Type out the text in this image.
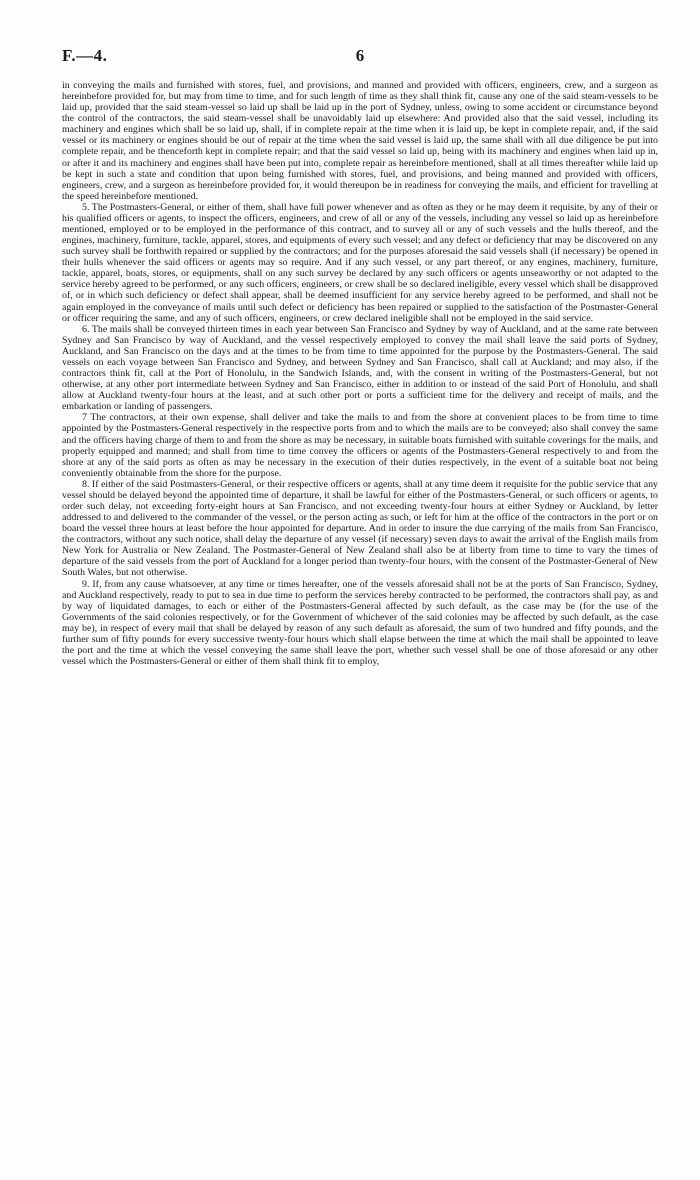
F.—4.	6

in conveying the mails and furnished with stores, fuel, and provisions, and manned and provided with officers, engineers, crew, and a surgeon as hereinbefore provided for, but may from time to time, and for such length of time as they shall think fit, cause any one of the said steam-vessels to be laid up, provided that the said steam-vessel so laid up shall be laid up in the port of Sydney, unless, owing to some accident or circumstance beyond the control of the contractors, the said steam-vessel shall be unavoidably laid up elsewhere: And provided also that the said vessel, including its machinery and engines which shall be so laid up, shall, if in complete repair at the time when it is laid up, be kept in complete repair, and, if the said vessel or its machinery or engines should be out of repair at the time when the said vessel is laid up, the same shall with all due diligence be put into complete repair, and be thenceforth kept in complete repair; and that the said vessel so laid up, being with its machinery and engines when laid up in, or after it and its machinery and engines shall have been put into, complete repair as hereinbefore mentioned, shall at all times thereafter while laid up be kept in such a state and condition that upon being furnished with stores, fuel, and provisions, and being manned and provided with officers, engineers, crew, and a surgeon as hereinbefore provided for, it would thereupon be in readiness for conveying the mails, and efficient for travelling at the speed hereinbefore mentioned.

5. The Postmasters-General, or either of them, shall have full power whenever and as often as they or he may deem it requisite, by any of their or his qualified officers or agents, to inspect the officers, engineers, and crew of all or any of the vessels, including any vessel so laid up as hereinbefore mentioned, employed or to be employed in the performance of this contract, and to survey all or any of such vessels and the hulls thereof, and the engines, machinery, furniture, tackle, apparel, stores, and equipments of every such vessel; and any defect or deficiency that may be discovered on any such survey shall be forthwith repaired or supplied by the contractors; and for the purposes aforesaid the said vessels shall (if necessary) be opened in their hulls whenever the said officers or agents may so require. And if any such vessel, or any part thereof, or any engines, machinery, furniture, tackle, apparel, boats, stores, or equipments, shall on any such survey be declared by any such officers or agents unseaworthy or not adapted to the service hereby agreed to be performed, or any such officers, engineers, or crew shall be so declared ineligible, every vessel which shall be disapproved of, or in which such deficiency or defect shall appear, shall be deemed insufficient for any service hereby agreed to be performed, and shall not be again employed in the conveyance of mails until such defect or deficiency has been repaired or supplied to the satisfaction of the Postmaster-General or officer requiring the same, and any of such officers, engineers, or crew declared ineligible shall not be employed in the said service.

6. The mails shall be conveyed thirteen times in each year between San Francisco and Sydney by way of Auckland, and at the same rate between Sydney and San Francisco by way of Auckland, and the vessel respectively employed to convey the mail shall leave the said ports of Sydney, Auckland, and San Francisco on the days and at the times to be from time to time appointed for the purpose by the Postmasters-General. The said vessels on each voyage between San Francisco and Sydney, and between Sydney and San Francisco, shall call at Auckland; and may also, if the contractors think fit, call at the Port of Honolulu, in the Sandwich Islands, and, with the consent in writing of the Postmasters-General, but not otherwise, at any other port intermediate between Sydney and San Francisco, either in addition to or instead of the said Port of Honolulu, and shall allow at Auckland twenty-four hours at the least, and at such other port or ports a sufficient time for the delivery and receipt of mails, and the embarkation or landing of passengers.

7 The contractors, at their own expense, shall deliver and take the mails to and from the shore at convenient places to be from time to time appointed by the Postmasters-General respectively in the respective ports from and to which the mails are to be conveyed; also shall convey the same and the officers having charge of them to and from the shore as may be necessary, in suitable boats furnished with suitable coverings for the mails, and properly equipped and manned; and shall from time to time convey the officers or agents of the Postmasters-General respectively to and from the shore at any of the said ports as often as may be necessary in the execution of their duties respectively, in the event of a suitable boat not being conveniently obtainable from the shore for the purpose.

8. If either of the said Postmasters-General, or their respective officers or agents, shall at any time deem it requisite for the public service that any vessel should be delayed beyond the appointed time of departure, it shall be lawful for either of the Postmasters-General, or such officers or agents, to order such delay, not exceeding forty-eight hours at San Francisco, and not exceeding twenty-four hours at either Sydney or Auckland, by letter addressed to and delivered to the commander of the vessel, or the person acting as such, or left for him at the office of the contractors in the port or on board the vessel three hours at least before the hour appointed for departure. And in order to insure the due carrying of the mails from San Francisco, the contractors, without any such notice, shall delay the departure of any vessel (if necessary) seven days to await the arrival of the English mails from New York for Australia or New Zealand. The Postmaster-General of New Zealand shall also be at liberty from time to time to vary the times of departure of the said vessels from the port of Auckland for a longer period than twenty-four hours, with the consent of the Postmaster-General of New South Wales, but not otherwise.

9. If, from any cause whatsoever, at any time or times hereafter, one of the vessels aforesaid shall not be at the ports of San Francisco, Sydney, and Auckland respectively, ready to put to sea in due time to perform the services hereby contracted to be performed, the contractors shall pay, as and by way of liquidated damages, to each or either of the Postmasters-General affected by such default, as the case may be (for the use of the Governments of the said colonies respectively, or for the Government of whichever of the said colonies may be affected by such default, as the case may be), in respect of every mail that shall be delayed by reason of any such default as aforesaid, the sum of two hundred and fifty pounds, and the further sum of fifty pounds for every successive twenty-four hours which shall elapse between the time at which the mail shall be appointed to leave the port and the time at which the vessel conveying the same shall leave the port, whether such vessel shall be one of those aforesaid or any other vessel which the Postmasters-General or either of them shall think fit to employ,
